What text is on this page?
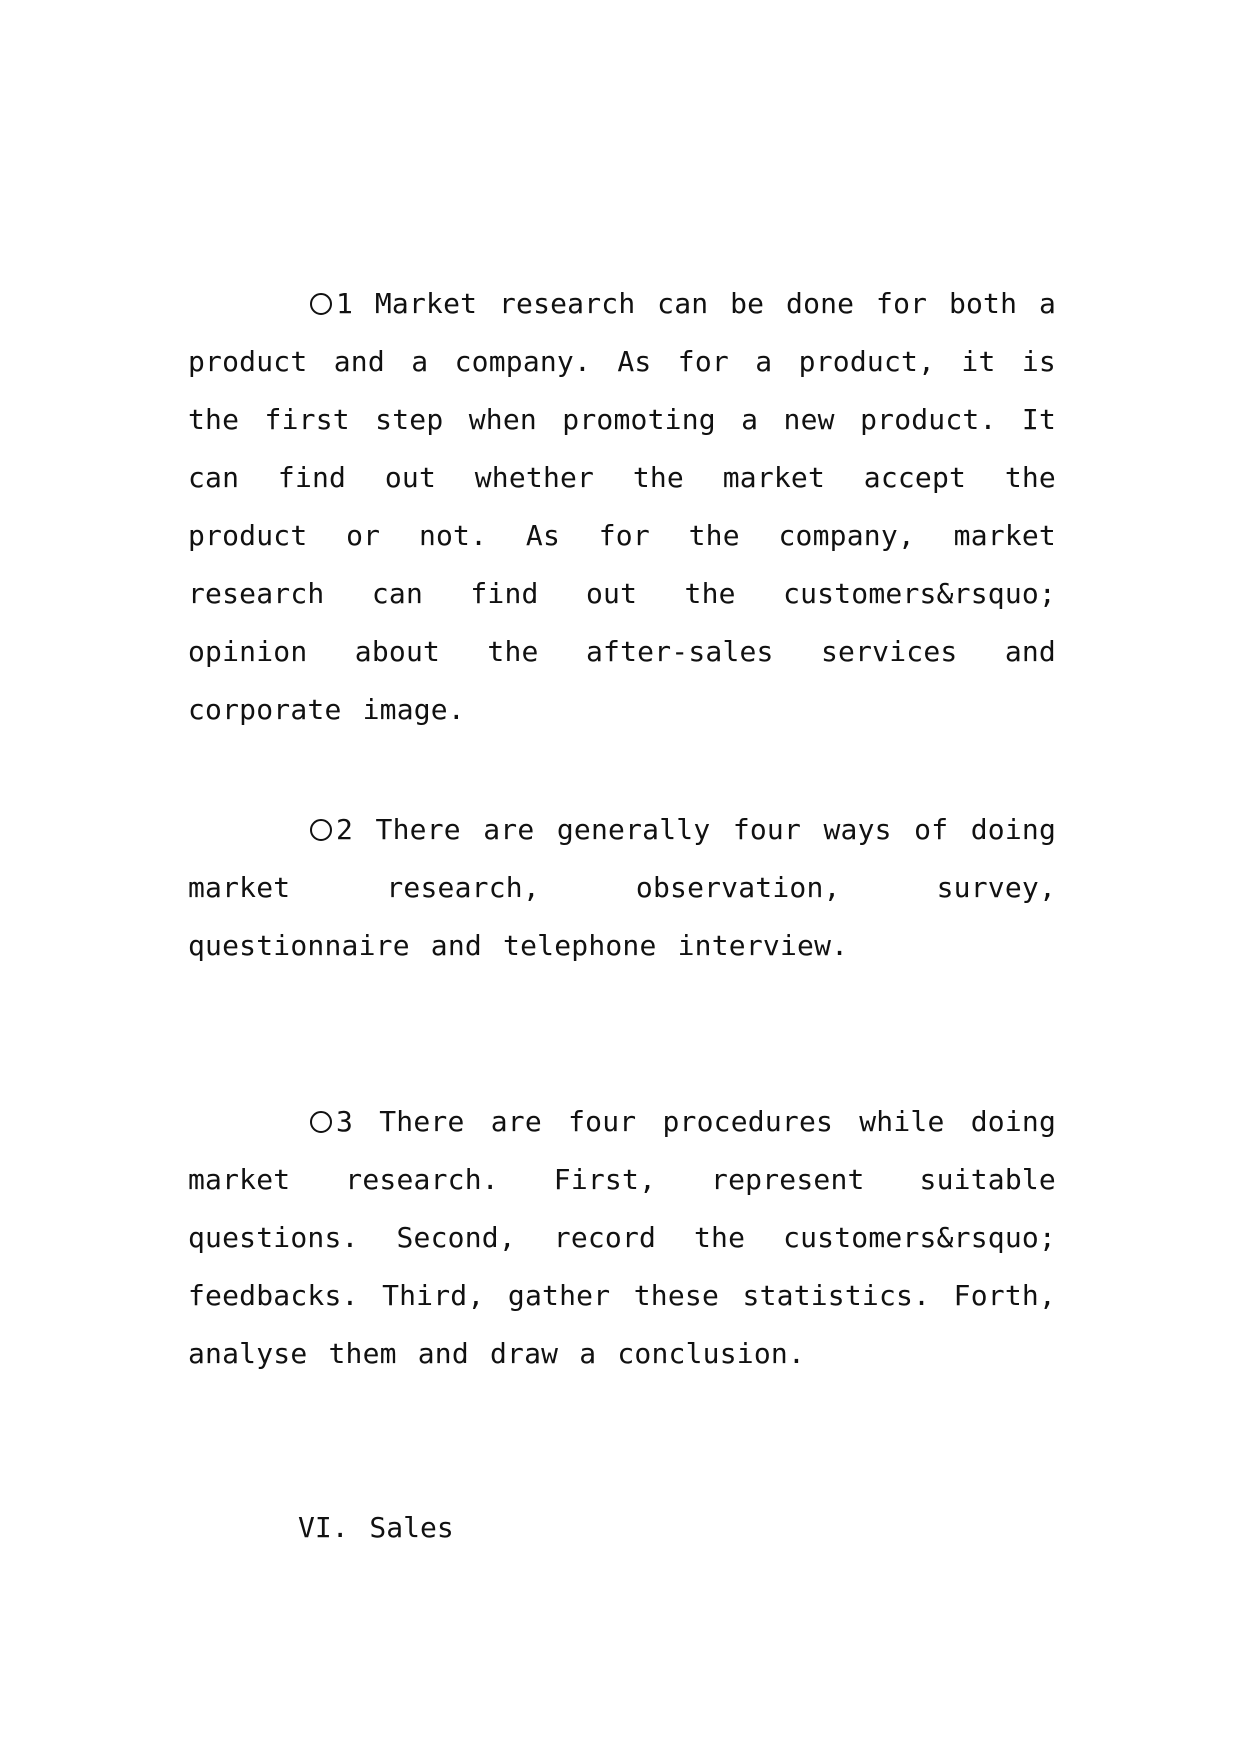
1 Market research can be done for both a product and a company. As for a product, it is the first step when promoting a new product. It can find out whether the market accept the product or not. As for the company, market research can find out the customers&rsquo; opinion about the after-sales services and corporate image.

2 There are generally four ways of doing market research, observation, survey, questionnaire and telephone interview.

3 There are four procedures while doing market research. First, represent suitable questions. Second, record the customers&rsquo; feedbacks. Third, gather these statistics. Forth, analyse them and draw a conclusion.

VI. Sales
